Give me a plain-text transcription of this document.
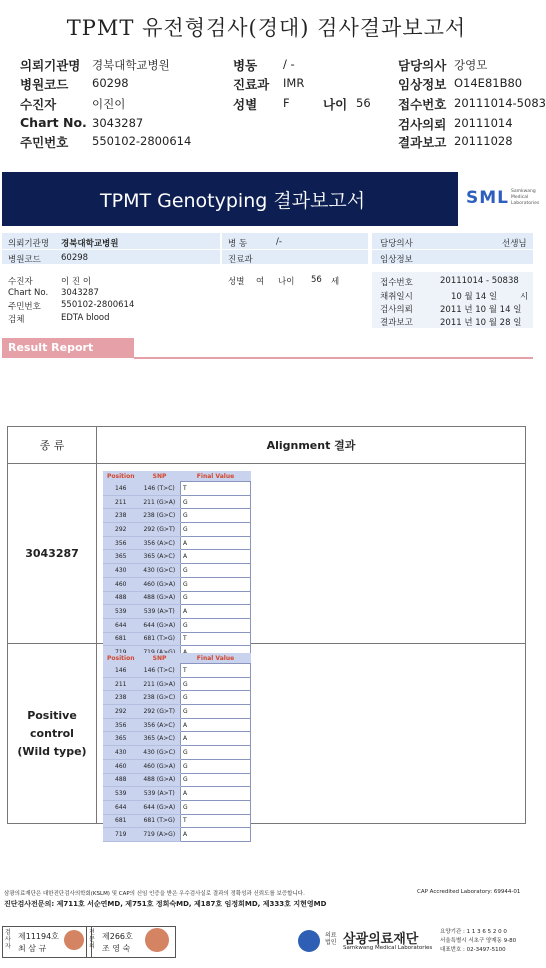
TPMT 유전형검사(경대) 검사결과보고서
의뢰기관명 경북대학교병원	병동 / -	담당의사 강영모
병원코드 60298	진료과 IMR	임상정보 O14E81B80
수진자	이진이	성별 F	나이 56 접수번호 20111014-5083
Chart No. 3043287	검사의뢰 20111014
주민번호 550102-2800614	결과보고 20111028
TPMT Genotyping 결과보고서	SML Samkwang
Medical
Laboratories
의뢰기관명 경북대학교병원	병 동	/-	담당의사	선생님
병원코드 60298	진료과	임상정보
수진자	이 진 이	성별 여 나이 56 세
Chart No. 3043287
주민번호 550102-2800614
검체	EDTA blood
접수번호	20111014 - 50838
채취일시	10 월 14 일	시
검사의뢰	2011 년 10 월 14 일
결과보고	2011 년 10 월 28 일
Result Report
종 류	Alignment 결과
3043287	

Positive
control
(Wild type)	

Position	SNP	Final Value
146	146 (T>C)	T
211	211 (G>A)	G
238	238 (G>C)	G
292	292 (G>T)	G
356	356 (A>C)	A
365	365 (A>C)	A
430	430 (G>C)	G
460	460 (G>A)	G
488	488 (G>A)	G
539	539 (A>T)	A
644	644 (G>A)	G
681	681 (T>G)	T

Position	SNP	Final Value
146	146 (T>C)	T
211	211 (G>A)	G
238	238 (G>C)	G
292	292 (G>T)	G
356	356 (A>C)	A
365	365 (A>C)	A
430	430 (G>C)	G
460	460 (G>A)	G
488	488 (G>A)	G
539	539 (A>T)	A
644	644 (G>A)	G
681	681 (T>G)	T
719	719 (A>G)	A
삼광의료재단은 대한진단검사의학회(KSLM) 및 CAP의 신임 인증을 받은 우수검사실로 결과의 정확성과 신뢰도를 보증합니다.	CAP Accredited Laboratory: 69944-01
진단검사전문의: 제711호 서순연MD, 제751호 정희숙MD, 제187호 임정희MD, 제333호 지현영MD
검사자
제11194호
최 삼 규
전문의
제266호
조 영 숙
의료법인 삼광의료재단
Samkwang Medical Laboratories
요양기관 : 1 1 3 6 5 2 0 0
서울특별시 서초구 양재동 9-80
대표번호 : 02-3497-5100
